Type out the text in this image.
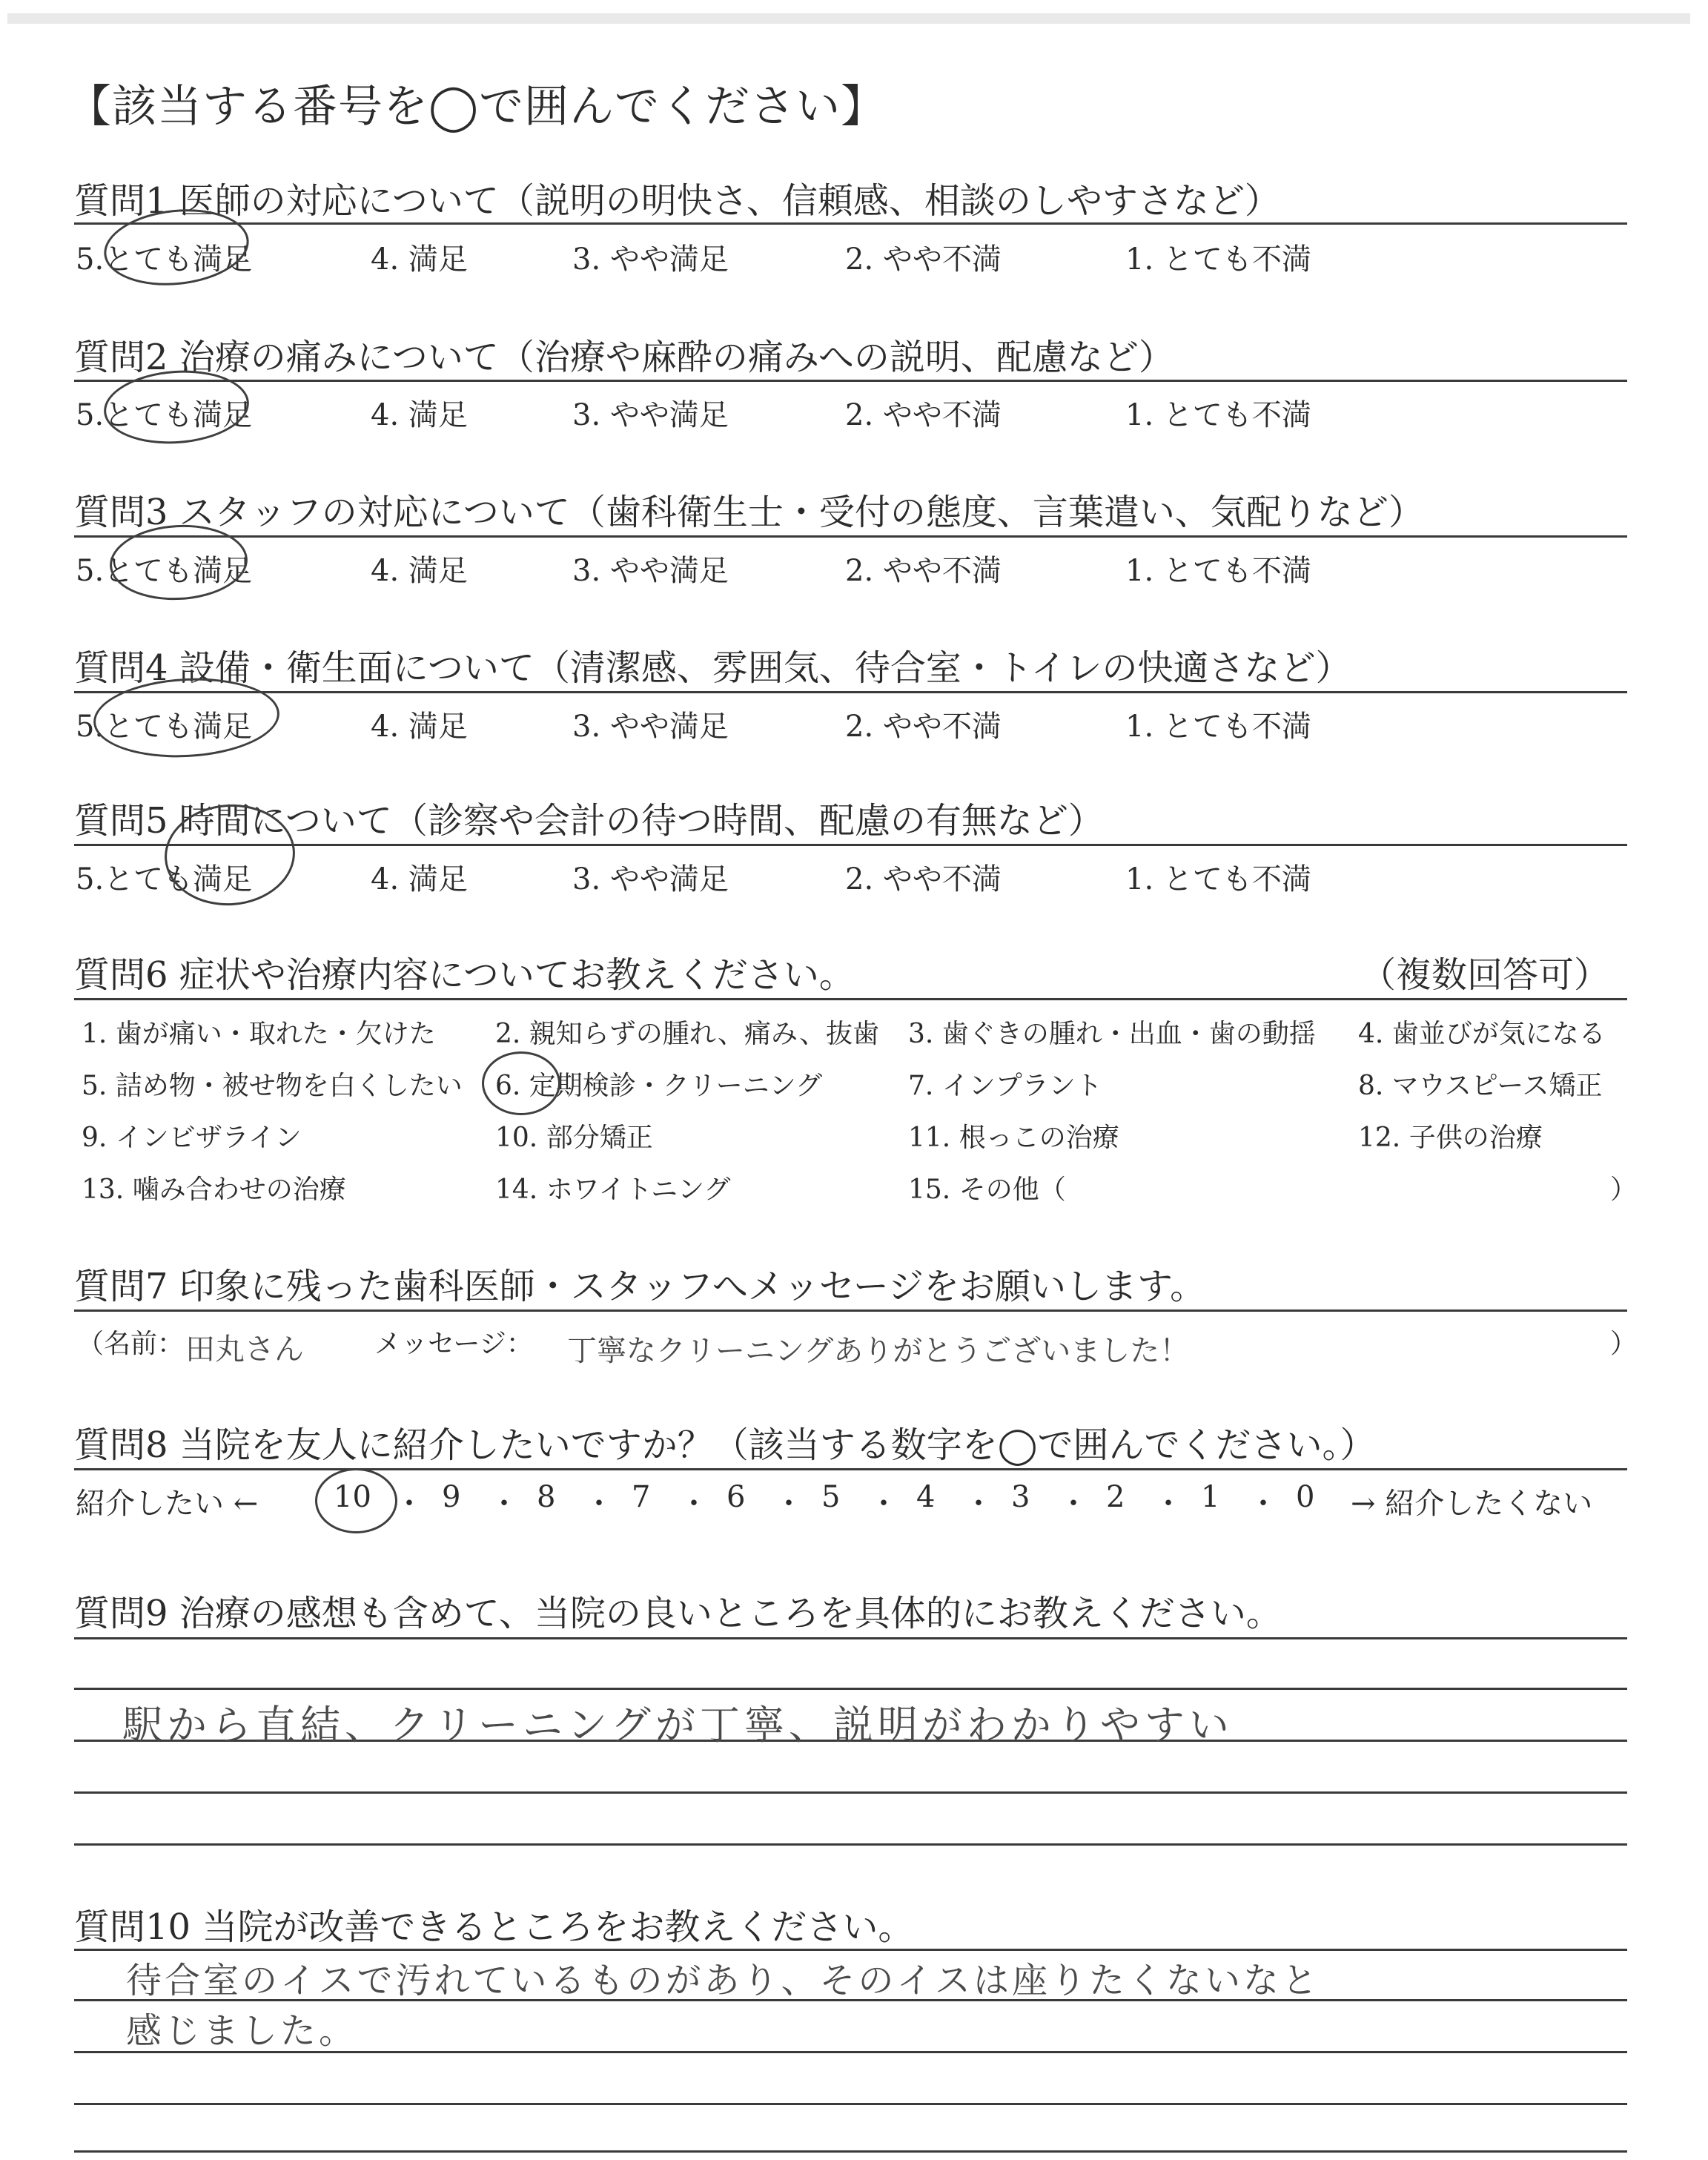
【該当する番号を◯で囲んでください】
質問1 医師の対応について（説明の明快さ、信頼感、相談のしやすさなど）
5.とても満足	4. 満足	3. やや満足	2. やや不満	1. とても不満
質問2 治療の痛みについて（治療や麻酔の痛みへの説明、配慮など）
5.とても満足	4. 満足	3. やや満足	2. やや不満	1. とても不満
質問3 スタッフの対応について（歯科衛生士・受付の態度、言葉遣い、気配りなど）
5.とても満足	4. 満足	3. やや満足	2. やや不満	1. とても不満
質問4 設備・衛生面について（清潔感、雰囲気、待合室・トイレの快適さなど）
5.とても満足	4. 満足	3. やや満足	2. やや不満	1. とても不満
質問5 時間について（診察や会計の待つ時間、配慮の有無など）
5.とても満足	4. 満足	3. やや満足	2. やや不満	1. とても不満
質問6 症状や治療内容についてお教えください。	（複数回答可）
1. 歯が痛い・取れた・欠けた 2. 親知らずの腫れ、痛み、抜歯 3. 歯ぐきの腫れ・出血・歯の動揺 4. 歯並びが気になる
5. 詰め物・被せ物を白くしたい 6. 定期検診・クリーニング	7. インプラント	8. マウスピース矯正
9. インビザライン	10. 部分矯正	11. 根っこの治療	12. 子供の治療
13. 噛み合わせの治療	14. ホワイトニング	15. その他（	）
質問7 印象に残った歯科医師・スタッフへメッセージをお願いします。
（名前： 田丸さん	メッセージ： 丁寧なクリーニングありがとうございました！	）
質問8 当院を友人に紹介したいですか？（該当する数字を◯で囲んでください。）
紹介したい ←	10 ・ 9 ・ 8 ・ 7 ・ 6 ・ 5 ・ 4 ・ 3 ・ 2 ・ 1 ・ 0 → 紹介したくない
質問9 治療の感想も含めて、当院の良いところを具体的にお教えください。
駅から直結、クリーニングが丁寧、説明がわかりやすい
質問10 当院が改善できるところをお教えください。
待合室のイスで汚れているものがあり、そのイスは座りたくないなと
感じました。
